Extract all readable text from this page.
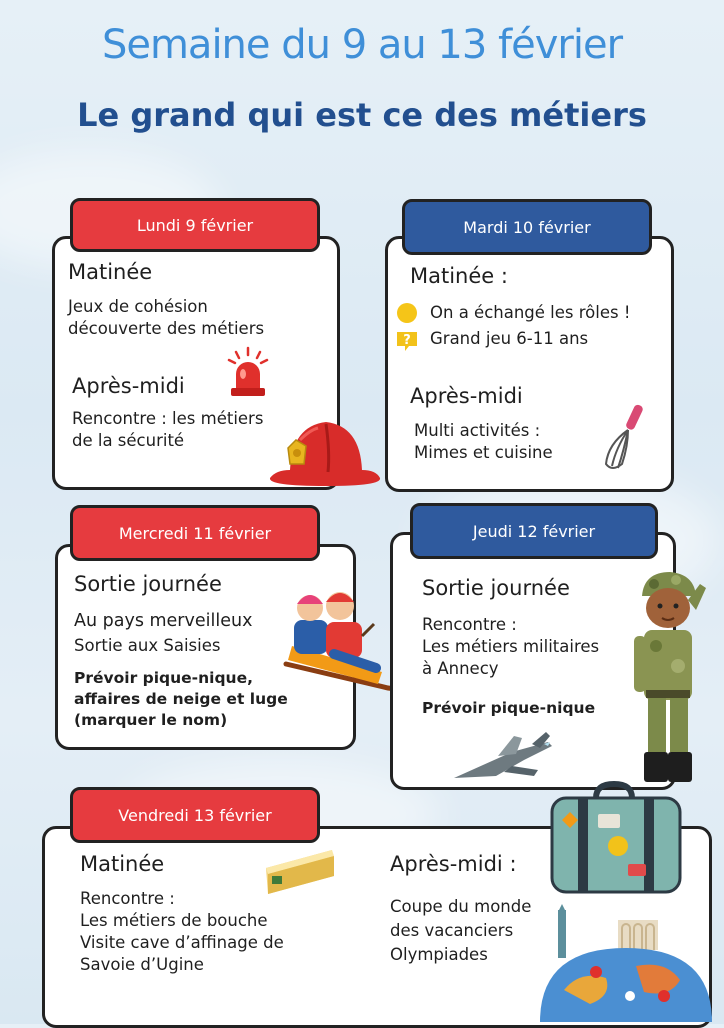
Semaine du 9 au 13 février
Le grand qui est ce des métiers
Lundi 9 février
Matinée
Jeux de cohésion
découverte des métiers
Après-midi
Rencontre : les métiers
de la sécurité
Mardi 10 février
Matinée :
On a échangé les rôles !
Grand jeu 6-11 ans
Après-midi
Multi activités :
Mimes et cuisine
?
Mercredi 11 février
Sortie journée
Au pays merveilleux
Sortie aux Saisies
Prévoir pique-nique,
affaires de neige et luge
(marquer le nom)
Jeudi 12 février
Sortie journée
Rencontre :
Les métiers militaires
à Annecy
Prévoir pique-nique
Vendredi 13 février
Matinée
Rencontre :
Les métiers de bouche
Visite cave d’affinage de
Savoie d’Ugine
Après-midi :
Coupe du monde
des vacanciers
Olympiades
